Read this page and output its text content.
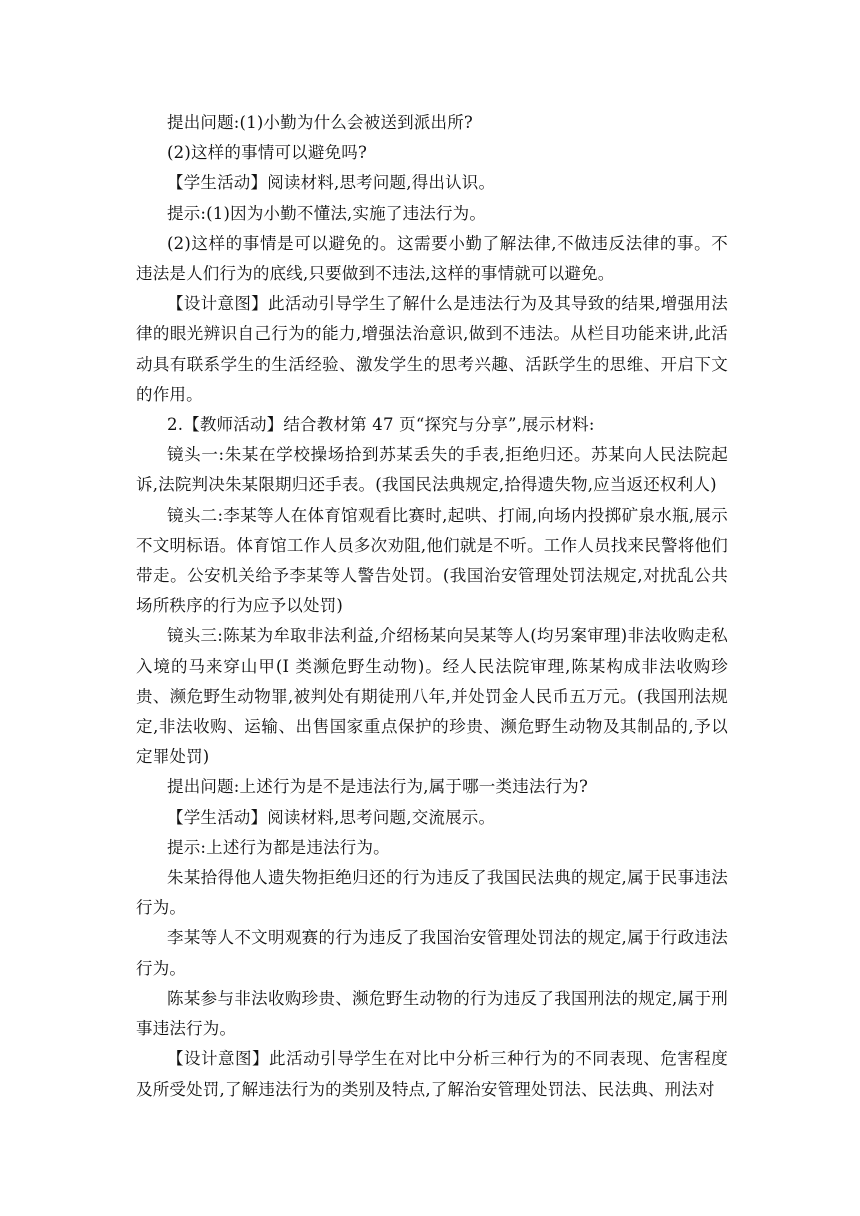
提出问题:(1)小勤为什么会被送到派出所?

(2)这样的事情可以避免吗?

【学生活动】阅读材料,思考问题,得出认识。

提示:(1)因为小勤不懂法,实施了违法行为。

(2)这样的事情是可以避免的。这需要小勤了解法律,不做违反法律的事。不违法是人们行为的底线,只要做到不违法,这样的事情就可以避免。

【设计意图】此活动引导学生了解什么是违法行为及其导致的结果,增强用法律的眼光辨识自己行为的能力,增强法治意识,做到不违法。从栏目功能来讲,此活动具有联系学生的生活经验、激发学生的思考兴趣、活跃学生的思维、开启下文的作用。

2.【教师活动】结合教材第 47 页“探究与分享”,展示材料:

镜头一:朱某在学校操场拾到苏某丢失的手表,拒绝归还。苏某向人民法院起诉,法院判决朱某限期归还手表。(我国民法典规定,拾得遗失物,应当返还权利人)

镜头二:李某等人在体育馆观看比赛时,起哄、打闹,向场内投掷矿泉水瓶,展示不文明标语。体育馆工作人员多次劝阻,他们就是不听。工作人员找来民警将他们带走。公安机关给予李某等人警告处罚。(我国治安管理处罚法规定,对扰乱公共场所秩序的行为应予以处罚)

镜头三:陈某为牟取非法利益,介绍杨某向吴某等人(均另案审理)非法收购走私入境的马来穿山甲(I 类濒危野生动物)。经人民法院审理,陈某构成非法收购珍贵、濒危野生动物罪,被判处有期徒刑八年,并处罚金人民币五万元。(我国刑法规定,非法收购、运输、出售国家重点保护的珍贵、濒危野生动物及其制品的,予以定罪处罚)

提出问题:上述行为是不是违法行为,属于哪一类违法行为?

【学生活动】阅读材料,思考问题,交流展示。

提示:上述行为都是违法行为。

朱某拾得他人遗失物拒绝归还的行为违反了我国民法典的规定,属于民事违法行为。

李某等人不文明观赛的行为违反了我国治安管理处罚法的规定,属于行政违法行为。

陈某参与非法收购珍贵、濒危野生动物的行为违反了我国刑法的规定,属于刑事违法行为。

【设计意图】此活动引导学生在对比中分析三种行为的不同表现、危害程度及所受处罚,了解违法行为的类别及特点,了解治安管理处罚法、民法典、刑法对
